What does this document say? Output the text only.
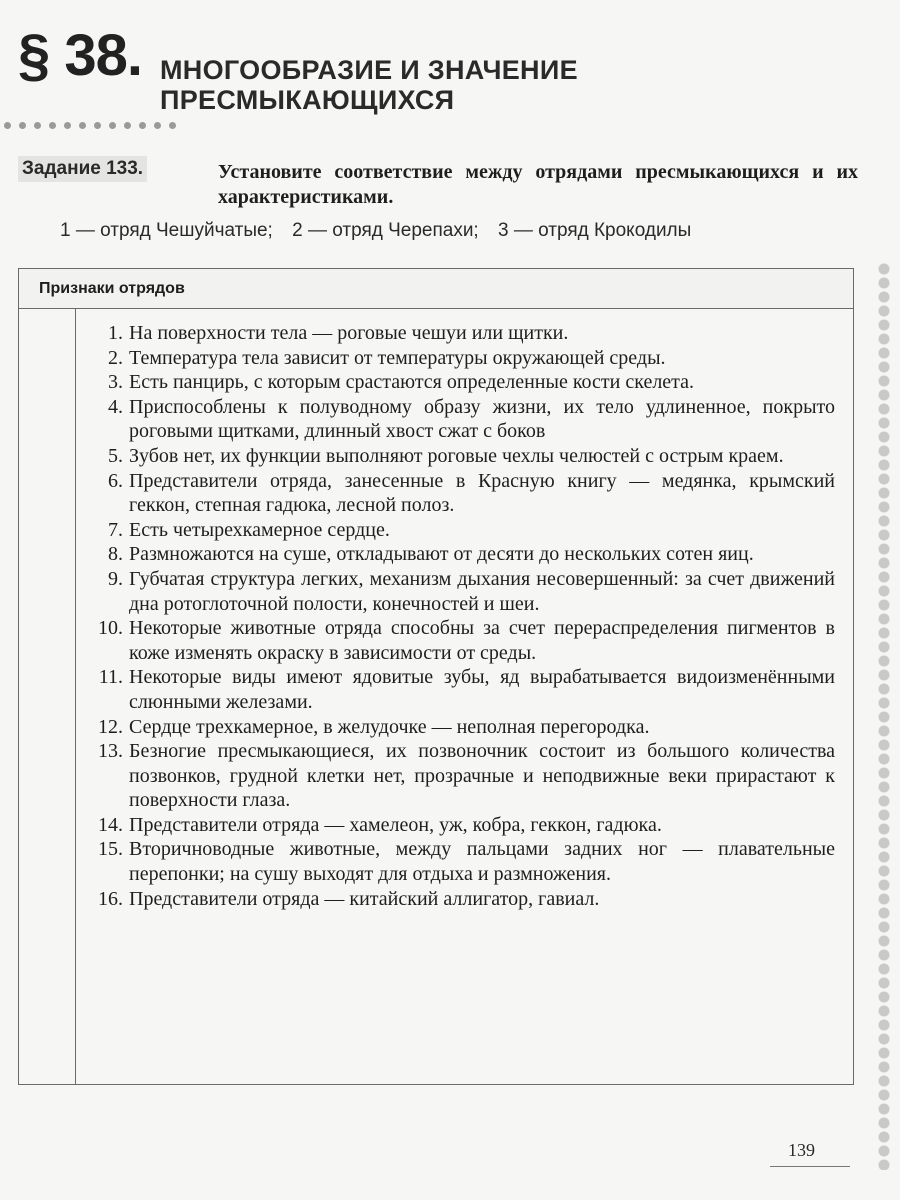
§ 38. МНОГООБРАЗИЕ И ЗНАЧЕНИЕ
ПРЕСМЫКАЮЩИХСЯ
Задание 133.	Установите соответствие между отрядами пресмыкающихся и их характеристиками.
1 — отряд Чешуйчатые; 2 — отряд Черепахи; 3 — отряд Крокодилы
Признаки отрядов
1. На поверхности тела — роговые чешуи или щитки.
2. Температура тела зависит от температуры окружающей среды.
3. Есть панцирь, с которым срастаются определенные кости скелета.
4. Приспособлены к полуводному образу жизни, их тело удлиненное, покрыто роговыми щитками, длинный хвост сжат с боков
5. Зубов нет, их функции выполняют роговые чехлы челюстей с острым краем.
6. Представители отряда, занесенные в Красную книгу — медянка, крымский геккон, степная гадюка, лесной полоз.
7. Есть четырехкамерное сердце.
8. Размножаются на суше, откладывают от десяти до нескольких сотен яиц.
9. Губчатая структура легких, механизм дыхания несовершенный: за счет движений дна ротоглоточной полости, конечностей и шеи.
10. Некоторые животные отряда способны за счет перераспределения пигментов в коже изменять окраску в зависимости от среды.
11. Некоторые виды имеют ядовитые зубы, яд вырабатывается видоизменёнными слюнными железами.
12. Сердце трехкамерное, в желудочке — неполная перегородка.
13. Безногие пресмыкающиеся, их позвоночник состоит из большого количества позвонков, грудной клетки нет, прозрачные и неподвижные веки прирастают к поверхности глаза.
14. Представители отряда — хамелеон, уж, кобра, геккон, гадюка.
15. Вторичноводные животные, между пальцами задних ног — плавательные перепонки; на сушу выходят для отдыха и размножения.
16. Представители отряда — китайский аллигатор, гавиал.
139
